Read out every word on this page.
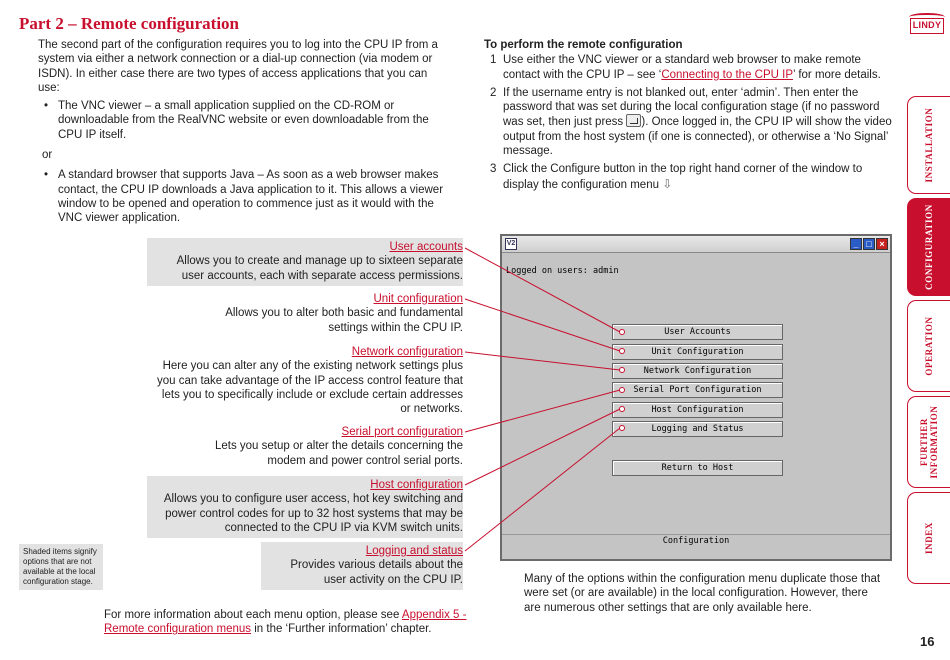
Part 2 – Remote configuration	LINDY

The second part of the configuration requires you to log into the CPU IP from a system via either a network connection or a dial-up connection (via modem or ISDN). In either case there are two types of access applications that you can use:

• The VNC viewer – a small application supplied on the CD-ROM or downloadable from the RealVNC website or even downloadable from the CPU IP itself.
or
• A standard browser that supports Java – As soon as a web browser makes contact, the CPU IP downloads a Java application to it. This allows a viewer window to be opened and operation to commence just as it would with the VNC viewer application.
To perform the remote configuration
1 Use either the VNC viewer or a standard web browser to make remote contact with the CPU IP – see ‘Connecting to the CPU IP’ for more details.
2 If the username entry is not blanked out, enter ‘admin’. Then enter the password that was set during the local configuration stage (if no password was set, then just press ). Once logged in, the CPU IP will show the video output from the host system (if one is connected), or otherwise a ‘No Signal’ message.
3 Click the Configure button in the top right hand corner of the window to display the configuration menu ⇩
User accounts
Allows you to create and manage up to sixteen separate user accounts, each with separate access permissions.
Unit configuration
Allows you to alter both basic and fundamental settings within the CPU IP.
Network configuration
Here you can alter any of the existing network settings plus you can take advantage of the IP access control feature that lets you to specifically include or exclude certain addresses or networks.
Serial port configuration
Lets you setup or alter the details concerning the modem and power control serial ports.
Host configuration
Allows you to configure user access, hot key switching and power control codes for up to 32 host systems that may be connected to the CPU IP via KVM switch units.
Logging and status
Provides various details about the user activity on the CPU IP.
Shaded items signify options that are not available at the local configuration stage.
V2	_ □ ×
Logged on users: admin
User Accounts
Unit Configuration
Network Configuration
Serial Port Configuration
Host Configuration
Logging and Status
Return to Host
Configuration
For more information about each menu option, please see Appendix 5 - Remote configuration menus in the ‘Further information’ chapter.
Many of the options within the configuration menu duplicate those that were set (or are available) in the local configuration. However, there are numerous other settings that are only available here.
INSTALLATION
CONFIGURATION
OPERATION
FURTHER INFORMATION
INDEX
16
